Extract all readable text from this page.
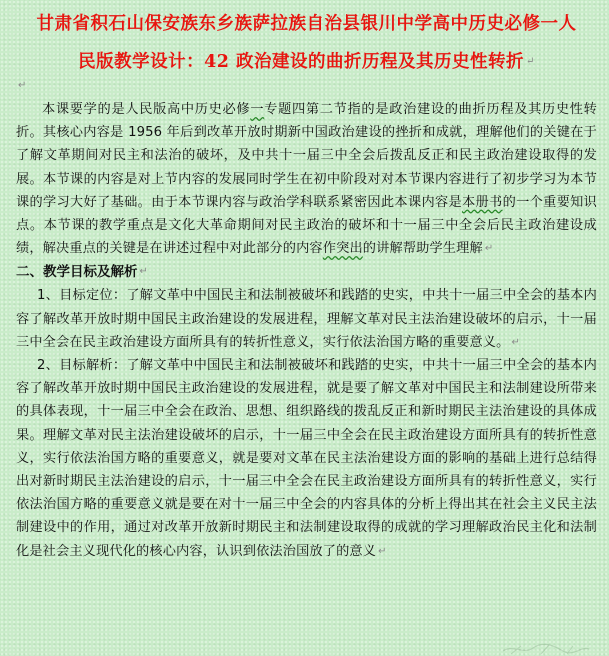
甘肃省积石山保安族东乡族萨拉族自治县银川中学高中历史必修一人
民版教学设计：42 政治建设的曲折历程及其历史性转折 ↵
↵

本课要学的是人民版高中历史必修一专题四第二节指的是政治建设的曲折历程及其历史性转折。其核心内容是 1956 年后到改革开放时期新中国政治建设的挫折和成就，理解他们的关键在于了解文革期间对民主和法治的破坏，及中共十一届三中全会后拨乱反正和民主政治建设取得的发展。本节课的内容是对上节内容的发展同时学生在初中阶段对对本节课内容进行了初步学习为本节课的学习大好了基础。由于本节课内容与政治学科联系紧密因此本课内容是本册书的一个重要知识点。本节课的教学重点是文化大革命期间对民主政治的破坏和十一届三中全会后民主政治建设成绩，解决重点的关键是在讲述过程中对此部分的内容作突出的讲解帮助学生理解 ↵

二、教学目标及解析 ↵

1、目标定位：了解文革中中国民主和法制被破坏和践踏的史实，中共十一届三中全会的基本内容了解改革开放时期中国民主政治建设的发展进程，理解文革对民主法治建设破坏的启示，十一届三中全会在民主政治建设方面所具有的转折性意义，实行依法治国方略的重要意义。 ↵

2、目标解析：了解文革中中国民主和法制被破坏和践踏的史实，中共十一届三中全会的基本内容了解改革开放时期中国民主政治建设的发展进程，就是要了解文革对中国民主和法制建设所带来的具体表现，十一届三中全会在政治、思想、组织路线的拨乱反正和新时期民主法治建设的具体成果。理解文革对民主法治建设破坏的启示，十一届三中全会在民主政治建设方面所具有的转折性意义，实行依法治国方略的重要意义，就是要对文革在民主法治建设方面的影响的基础上进行总结得出对新时期民主法治建设的启示，十一届三中全会在民主政治建设方面所具有的转折性意义，实行依法治国方略的重要意义就是要在对十一届三中全会的内容具体的分析上得出其在社会主义民主法制建设中的作用，通过对改革开放新时期民主和法制建设取得的成就的学习理解政治民主化和法制化是社会主义现代化的核心内容，认识到依法治国放了的意义 ↵
